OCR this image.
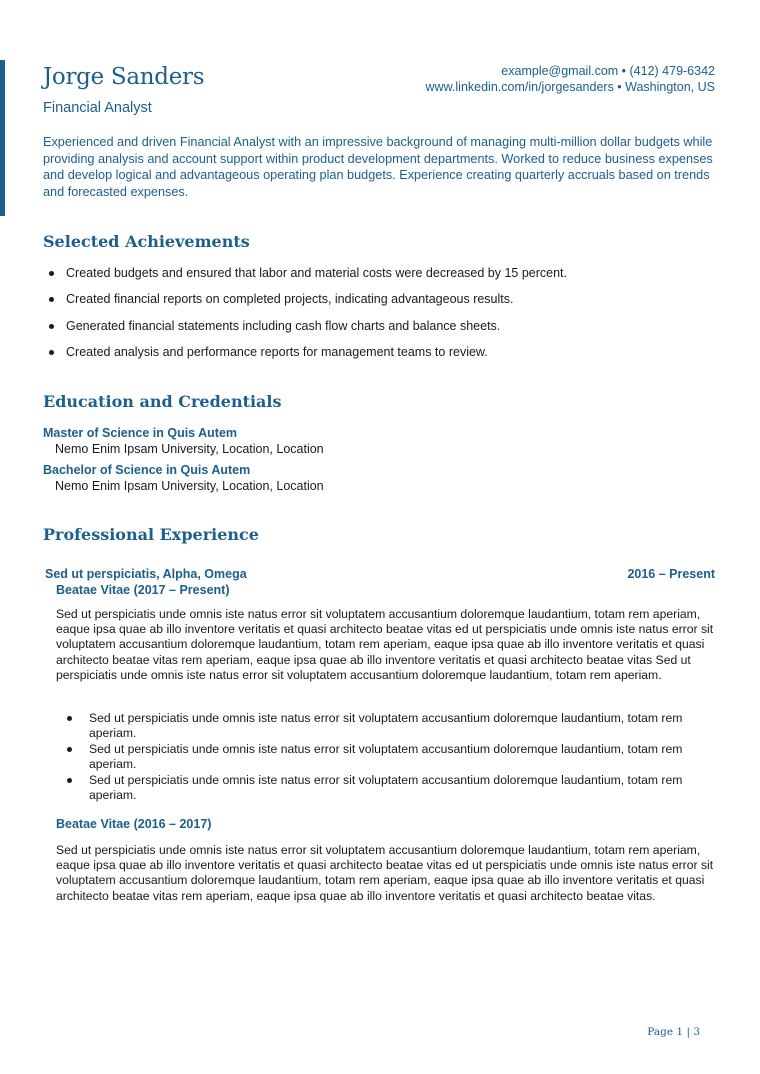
Jorge Sanders
Financial Analyst
example@gmail.com • (412) 479-6342
www.linkedin.com/in/jorgesanders • Washington, US

Experienced and driven Financial Analyst with an impressive background of managing multi-million dollar budgets while providing analysis and account support within product development departments. Worked to reduce business expenses and develop logical and advantageous operating plan budgets. Experience creating quarterly accruals based on trends and forecasted expenses.

Selected Achievements
Created budgets and ensured that labor and material costs were decreased by 15 percent.
Created financial reports on completed projects, indicating advantageous results.
Generated financial statements including cash flow charts and balance sheets.
Created analysis and performance reports for management teams to review.
Education and Credentials
Master of Science in Quis Autem
Nemo Enim Ipsam University, Location, Location
Bachelor of Science in Quis Autem
Nemo Enim Ipsam University, Location, Location
Professional Experience
Sed ut perspiciatis, Alpha, Omega	2016 – Present
Beatae Vitae (2017 – Present)

Sed ut perspiciatis unde omnis iste natus error sit voluptatem accusantium doloremque laudantium, totam rem aperiam, eaque ipsa quae ab illo inventore veritatis et quasi architecto beatae vitas ed ut perspiciatis unde omnis iste natus error sit voluptatem accusantium doloremque laudantium, totam rem aperiam, eaque ipsa quae ab illo inventore veritatis et quasi architecto beatae vitas rem aperiam, eaque ipsa quae ab illo inventore veritatis et quasi architecto beatae vitas Sed ut perspiciatis unde omnis iste natus error sit voluptatem accusantium doloremque laudantium, totam rem aperiam.

Sed ut perspiciatis unde omnis iste natus error sit voluptatem accusantium doloremque laudantium, totam rem aperiam.
Sed ut perspiciatis unde omnis iste natus error sit voluptatem accusantium doloremque laudantium, totam rem aperiam.
Sed ut perspiciatis unde omnis iste natus error sit voluptatem accusantium doloremque laudantium, totam rem aperiam.
Beatae Vitae (2016 – 2017)

Sed ut perspiciatis unde omnis iste natus error sit voluptatem accusantium doloremque laudantium, totam rem aperiam, eaque ipsa quae ab illo inventore veritatis et quasi architecto beatae vitas ed ut perspiciatis unde omnis iste natus error sit voluptatem accusantium doloremque laudantium, totam rem aperiam, eaque ipsa quae ab illo inventore veritatis et quasi architecto beatae vitas rem aperiam, eaque ipsa quae ab illo inventore veritatis et quasi architecto beatae vitas.

Page 1 | 3
